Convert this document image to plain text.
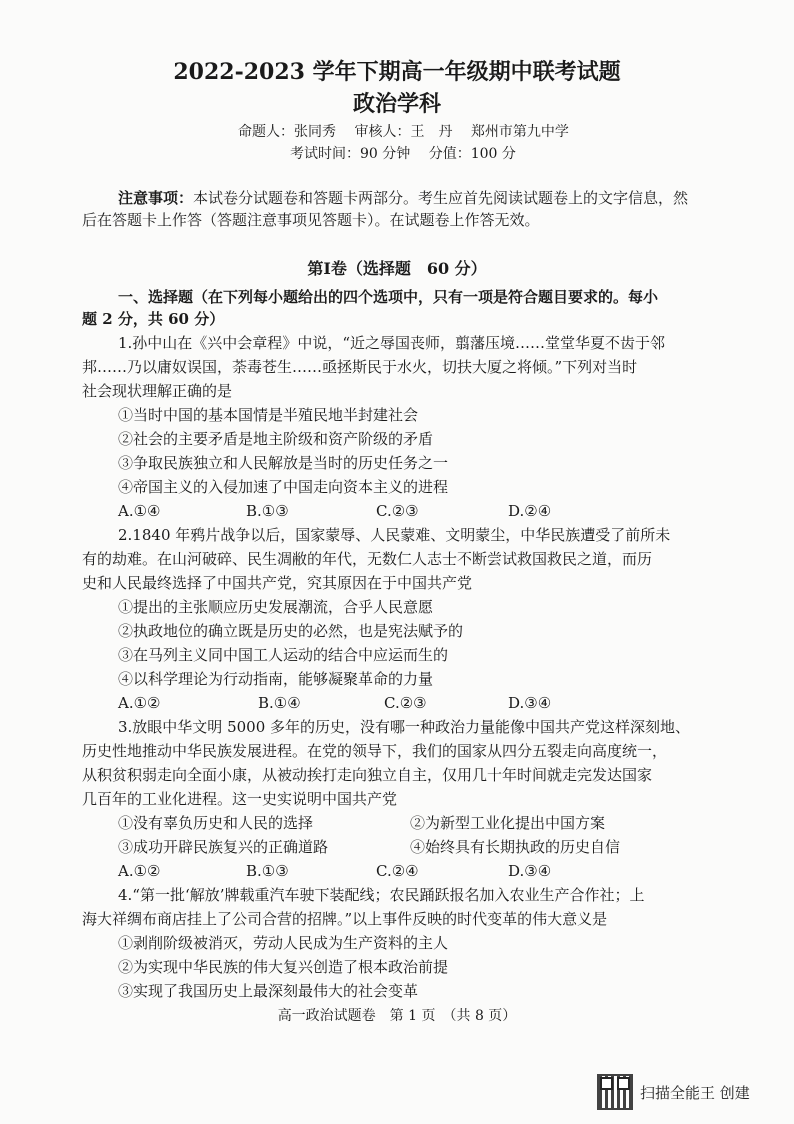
2022-2023 学年下期高一年级期中联考试题
政治学科
命题人：张同秀　 审核人：王　丹　 郑州市第九中学
考试时间：90 分钟　 分值：100 分
注意事项：本试卷分试题卷和答题卡两部分。考生应首先阅读试题卷上的文字信息，然
后在答题卡上作答（答题注意事项见答题卡）。在试题卷上作答无效。
第Ⅰ卷（选择题　60 分）
一、选择题（在下列每小题给出的四个选项中，只有一项是符合题目要求的。每小
题 2 分，共 60 分）
1.孙中山在《兴中会章程》中说，“近之辱国丧师，翦藩压境……堂堂华夏不齿于邻
邦……乃以庸奴误国，荼毒苍生……亟拯斯民于水火，切扶大厦之将倾。”下列对当时
社会现状理解正确的是
①当时中国的基本国情是半殖民地半封建社会
②社会的主要矛盾是地主阶级和资产阶级的矛盾
③争取民族独立和人民解放是当时的历史任务之一
④帝国主义的入侵加速了中国走向资本主义的进程
A.①④	B.①③	C.②③	D.②④
2.1840 年鸦片战争以后，国家蒙辱、人民蒙难、文明蒙尘，中华民族遭受了前所未
有的劫难。在山河破碎、民生凋敝的年代，无数仁人志士不断尝试救国救民之道，而历
史和人民最终选择了中国共产党，究其原因在于中国共产党
①提出的主张顺应历史发展潮流，合乎人民意愿
②执政地位的确立既是历史的必然，也是宪法赋予的
③在马列主义同中国工人运动的结合中应运而生的
④以科学理论为行动指南，能够凝聚革命的力量
A.①②	B.①④	C.②③	D.③④
3.放眼中华文明 5000 多年的历史，没有哪一种政治力量能像中国共产党这样深刻地、
历史性地推动中华民族发展进程。在党的领导下，我们的国家从四分五裂走向高度统一，
从积贫积弱走向全面小康，从被动挨打走向独立自主，仅用几十年时间就走完发达国家
几百年的工业化进程。这一史实说明中国共产党
①没有辜负历史和人民的选择	②为新型工业化提出中国方案
③成功开辟民族复兴的正确道路	④始终具有长期执政的历史自信
A.①②	B.①③	C.②④	D.③④
4.“第一批‘解放’牌载重汽车驶下装配线；农民踊跃报名加入农业生产合作社；上
海大祥绸布商店挂上了公司合营的招牌。”以上事件反映的时代变革的伟大意义是
①剥削阶级被消灭，劳动人民成为生产资料的主人
②为实现中华民族的伟大复兴创造了根本政治前提
③实现了我国历史上最深刻最伟大的社会变革
高一政治试题卷　第 1 页　（共 8 页）
扫描全能王 创建
